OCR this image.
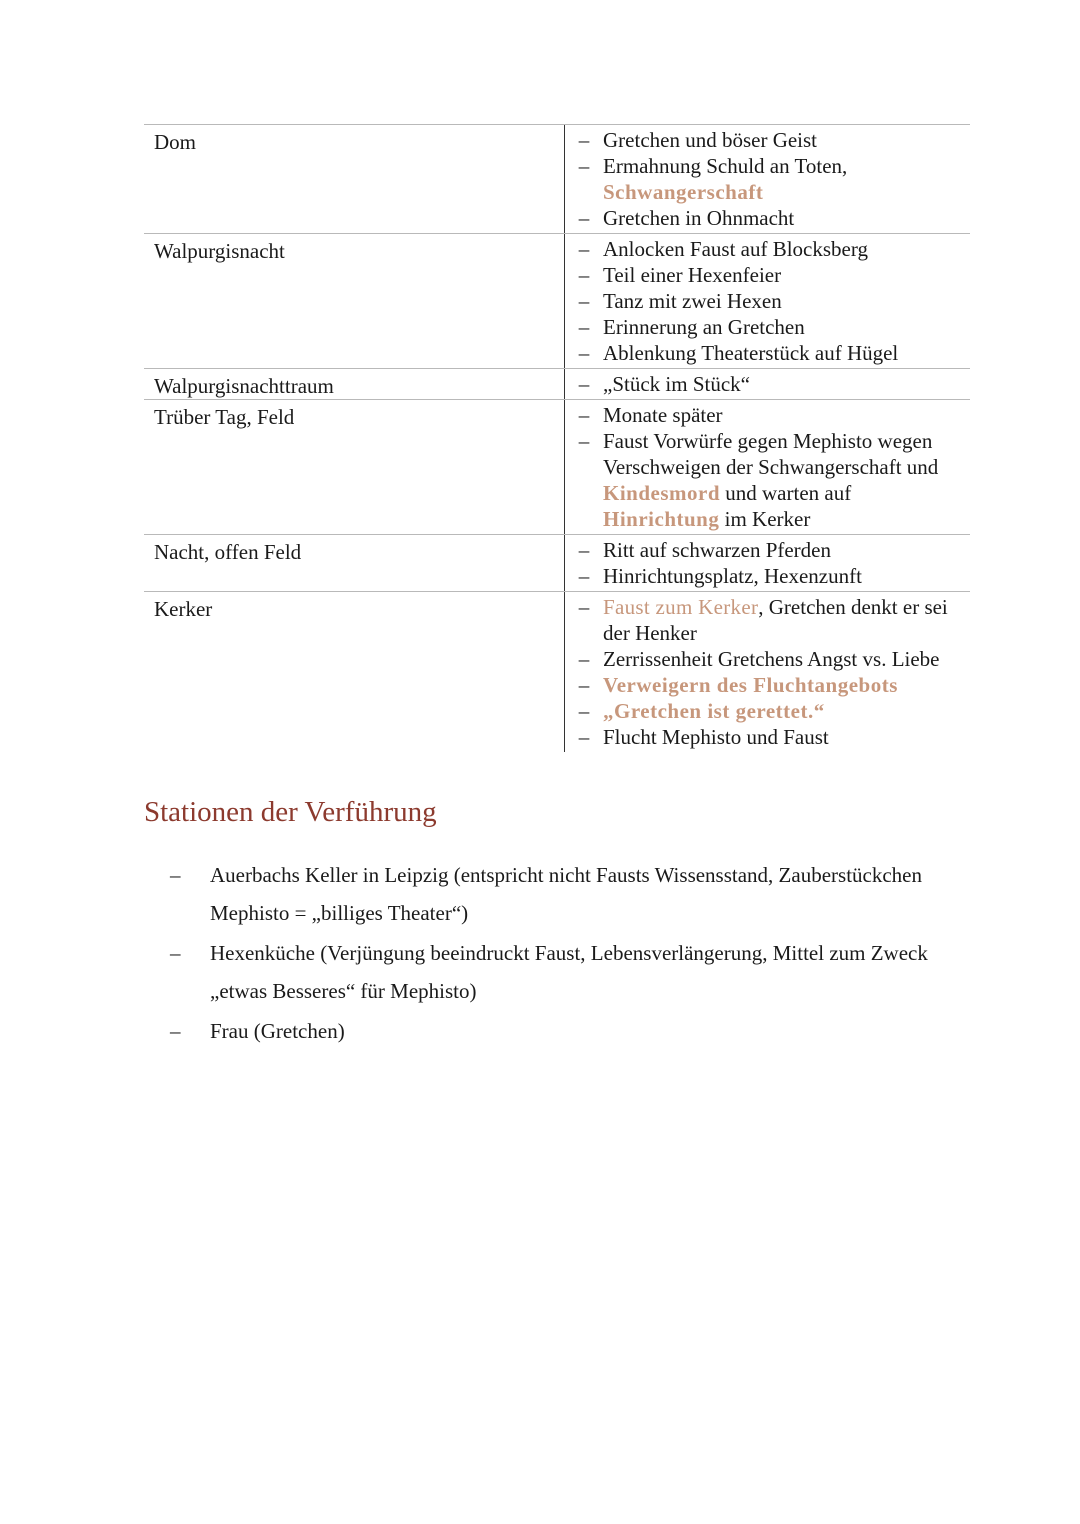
Dom	– Gretchen und böser Geist
– Ermahnung Schuld an Toten, Schwangerschaft
– Gretchen in Ohnmacht
Walpurgisnacht	– Anlocken Faust auf Blocksberg
– Teil einer Hexenfeier
– Tanz mit zwei Hexen
– Erinnerung an Gretchen
– Ablenkung Theaterstück auf Hügel
Walpurgisnachttraum	– „Stück im Stück“
Trüber Tag, Feld	– Monate später
– Faust Vorwürfe gegen Mephisto wegen Verschweigen der Schwangerschaft und Kindesmord und warten auf Hinrichtung im Kerker
Nacht, offen Feld	– Ritt auf schwarzen Pferden
– Hinrichtungsplatz, Hexenzunft
Kerker	– Faust zum Kerker, Gretchen denkt er sei der Henker
– Zerrissenheit Gretchens Angst vs. Liebe
– Verweigern des Fluchtangebots
– „Gretchen ist gerettet.“
– Flucht Mephisto und Faust
Stationen der Verführung
–	Auerbachs Keller in Leipzig (entspricht nicht Fausts Wissensstand, Zauberstückchen Mephisto = „billiges Theater“)
–	Hexenküche (Verjüngung beeindruckt Faust, Lebensverlängerung, Mittel zum Zweck „etwas Besseres“ für Mephisto)
–	Frau (Gretchen)
